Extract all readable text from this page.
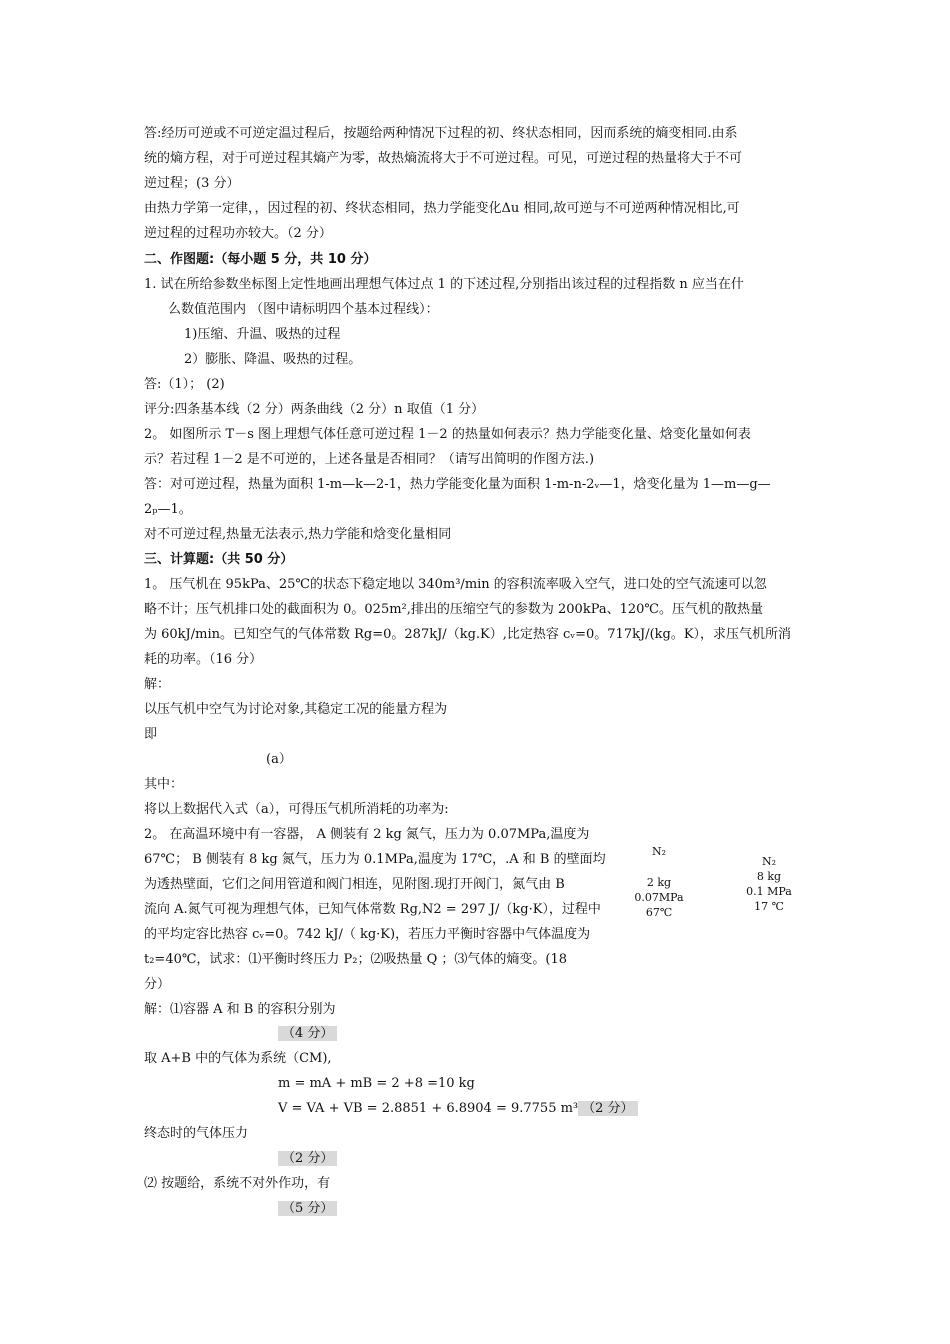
答:经历可逆或不可逆定温过程后，按题给两种情况下过程的初、终状态相同，因而系统的熵变相同.由系
统的熵方程，对于可逆过程其熵产为零，故热熵流将大于不可逆过程。可见，可逆过程的热量将大于不可
逆过程；(3 分）
由热力学第一定律，，因过程的初、终状态相同，热力学能变化Δu 相同,故可逆与不可逆两种情况相比,可
逆过程的过程功亦较大。（2 分）
二、作图题:（每小题 5 分，共 10 分）
1. 试在所给参数坐标图上定性地画出理想气体过点 1 的下述过程,分别指出该过程的过程指数 n 应当在什
么数值范围内 （图中请标明四个基本过程线）：
1)压缩、升温、吸热的过程
2）膨胀、降温、吸热的过程。
答:（1）； (2)
评分:四条基本线（2 分）两条曲线（2 分）n 取值（1 分）
2。 如图所示 T－s 图上理想气体任意可逆过程 1－2 的热量如何表示？热力学能变化量、焓变化量如何表
示？若过程 1－2 是不可逆的，上述各量是否相同？（请写出简明的作图方法.)
答：对可逆过程，热量为面积 1-m—k—2-1，热力学能变化量为面积 1-m-n-2ᵥ—1，焓变化量为 1—m—g—
2ₚ—1。
对不可逆过程,热量无法表示,热力学能和焓变化量相同
三、计算题:（共 50 分）
1。 压气机在 95kPa、25℃的状态下稳定地以 340m³/min 的容积流率吸入空气，进口处的空气流速可以忽
略不计；压气机排口处的截面积为 0。025m²,排出的压缩空气的参数为 200kPa、120℃。压气机的散热量
为 60kJ/min。已知空气的气体常数 Rg=0。287kJ/（kg.K）,比定热容 cᵥ=0。717kJ/(kg。K），求压气机所消
耗的功率。（16 分）
解：
以压气机中空气为讨论对象,其稳定工况的能量方程为
即
(a）
其中：
将以上数据代入式（a），可得压气机所消耗的功率为:
2。 在高温环境中有一容器， A 侧装有 2 kg 氮气，压力为 0.07MPa,温度为
67℃； B 侧装有 8 kg 氮气，压力为 0.1MPa,温度为 17℃，.A 和 B 的壁面均
为透热壁面，它们之间用管道和阀门相连，见附图.现打开阀门，氮气由 B
流向 A.氮气可视为理想气体，已知气体常数 Rg,N2 = 297 J/（kg·K），过程中
的平均定容比热容 cᵥ=0。742 kJ/（ kg·K)，若压力平衡时容器中气体温度为
t₂=40℃，试求：⑴平衡时终压力 P₂；⑵吸热量 Q ；⑶气体的熵变。(18
分）
解：⑴容器 A 和 B 的容积分别为
（4 分）
取 A+B 中的气体为系统（CM),
m = mA + mB = 2 +8 =10 kg
V = VA + VB = 2.8851 + 6.8904 = 9.7755 m³ （2 分）
终态时的气体压力
（2 分）
⑵ 按题给，系统不对外作功，有
（5 分）
N₂
2 kg
0.07MPa
67℃
N₂
8 kg
0.1 MPa
17 ℃
